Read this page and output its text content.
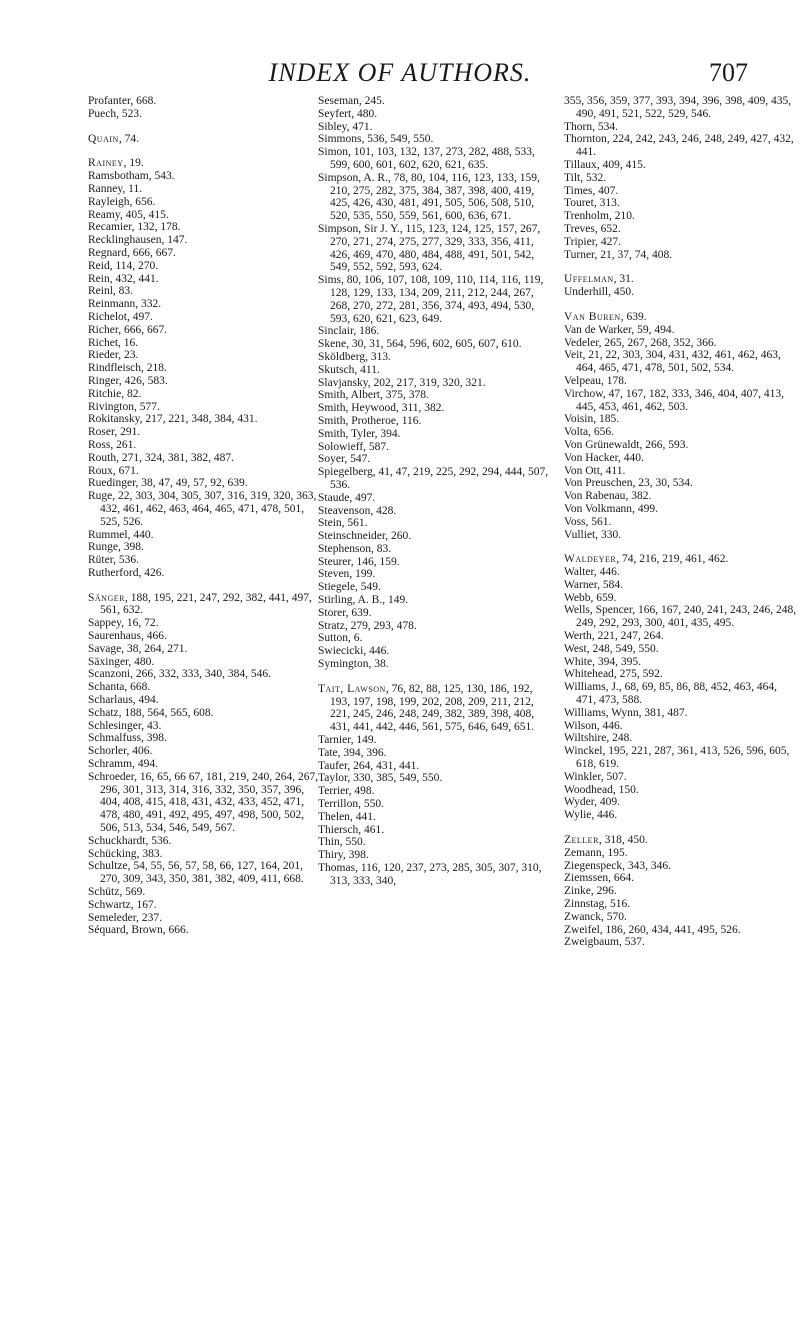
INDEX OF AUTHORS.	707
Profanter, 668.
Puech, 523.
Quain, 74.
Rainey, 19.
Ramsbotham, 543.
Ranney, 11.
Rayleigh, 656.
Reamy, 405, 415.
Recamier, 132, 178.
Recklinghausen, 147.
Regnard, 666, 667.
Reid, 114, 270.
Rein, 432, 441.
Reinl, 83.
Reinmann, 332.
Richelot, 497.
Richer, 666, 667.
Richet, 16.
Rieder, 23.
Rindfleisch, 218.
Ringer, 426, 583.
Ritchie, 82.
Rivington, 577.
Rokitansky, 217, 221, 348, 384, 431.
Roser, 291.
Ross, 261.
Routh, 271, 324, 381, 382, 487.
Roux, 671.
Ruedinger, 38, 47, 49, 57, 92, 639.
Ruge, 22, 303, 304, 305, 307, 316, 319, 320, 363, 432, 461, 462, 463, 464, 465, 471, 478, 501, 525, 526.
Rummel, 440.
Runge, 398.
Rüter, 536.
Rutherford, 426.
Sänger, 188, 195, 221, 247, 292, 382, 441, 497, 561, 632.
Sappey, 16, 72.
Saurenhaus, 466.
Savage, 38, 264, 271.
Säxinger, 480.
Scanzoni, 266, 332, 333, 340, 384, 546.
Schanta, 668.
Scharlaus, 494.
Schatz, 188, 564, 565, 608.
Schlesinger, 43.
Schmalfuss, 398.
Schorler, 406.
Schramm, 494.
Schroeder, 16, 65, 66 67, 181, 219, 240, 264, 267, 296, 301, 313, 314, 316, 332, 350, 357, 396, 404, 408, 415, 418, 431, 432, 433, 452, 471, 478, 480, 491, 492, 495, 497, 498, 500, 502, 506, 513, 534, 546, 549, 567.
Schuckhardt, 536.
Schücking, 383.
Schultze, 54, 55, 56, 57, 58, 66, 127, 164, 201, 270, 309, 343, 350, 381, 382, 409, 411, 668.
Schütz, 569.
Schwartz, 167.
Semeleder, 237.
Séquard, Brown, 666.
Seseman, 245.
Seyfert, 480.
Sibley, 471.
Simmons, 536, 549, 550.
Simon, 101, 103, 132, 137, 273, 282, 488, 533, 599, 600, 601, 602, 620, 621, 635.
Simpson, A. R., 78, 80, 104, 116, 123, 133, 159, 210, 275, 282, 375, 384, 387, 398, 400, 419, 425, 426, 430, 481, 491, 505, 506, 508, 510, 520, 535, 550, 559, 561, 600, 636, 671.
Simpson, Sir J. Y., 115, 123, 124, 125, 157, 267, 270, 271, 274, 275, 277, 329, 333, 356, 411, 426, 469, 470, 480, 484, 488, 491, 501, 542, 549, 552, 592, 593, 624.
Sims, 80, 106, 107, 108, 109, 110, 114, 116, 119, 128, 129, 133, 134, 209, 211, 212, 244, 267, 268, 270, 272, 281, 356, 374, 493, 494, 530, 593, 620, 621, 623, 649.
Sinclair, 186.
Skene, 30, 31, 564, 596, 602, 605, 607, 610.
Sköldberg, 313.
Skutsch, 411.
Slavjansky, 202, 217, 319, 320, 321.
Smith, Albert, 375, 378.
Smith, Heywood, 311, 382.
Smith, Protheroe, 116.
Smith, Tyler, 394.
Solowieff, 587.
Soyer, 547.
Spiegelberg, 41, 47, 219, 225, 292, 294, 444, 507, 536.
Staude, 497.
Steavenson, 428.
Stein, 561.
Steinschneider, 260.
Stephenson, 83.
Steurer, 146, 159.
Steven, 199.
Stiegele, 549.
Stirling, A. B., 149.
Storer, 639.
Stratz, 279, 293, 478.
Sutton, 6.
Swiecicki, 446.
Symington, 38.
Tait, Lawson, 76, 82, 88, 125, 130, 186, 192, 193, 197, 198, 199, 202, 208, 209, 211, 212, 221, 245, 246, 248, 249, 382, 389, 398, 408, 431, 441, 442, 446, 561, 575, 646, 649, 651.
Tarnier, 149.
Tate, 394, 396.
Taufer, 264, 431, 441.
Taylor, 330, 385, 549, 550.
Terrier, 498.
Terrillon, 550.
Thelen, 441.
Thiersch, 461.
Thin, 550.
Thiry, 398.
Thomas, 116, 120, 237, 273, 285, 305, 307, 310, 313, 333, 340,
355, 356, 359, 377, 393, 394, 396, 398, 409, 435, 490, 491, 521, 522, 529, 546.
Thorn, 534.
Thornton, 224, 242, 243, 246, 248, 249, 427, 432, 441.
Tillaux, 409, 415.
Tilt, 532.
Times, 407.
Touret, 313.
Trenholm, 210.
Treves, 652.
Tripier, 427.
Turner, 21, 37, 74, 408.
Uffelman, 31.
Underhill, 450.
Van Buren, 639.
Van de Warker, 59, 494.
Vedeler, 265, 267, 268, 352, 366.
Veit, 21, 22, 303, 304, 431, 432, 461, 462, 463, 464, 465, 471, 478, 501, 502, 534.
Velpeau, 178.
Virchow, 47, 167, 182, 333, 346, 404, 407, 413, 445, 453, 461, 462, 503.
Voisin, 185.
Volta, 656.
Von Grünewaldt, 266, 593.
Von Hacker, 440.
Von Ott, 411.
Von Preuschen, 23, 30, 534.
Von Rabenau, 382.
Von Volkmann, 499.
Voss, 561.
Vulliet, 330.
Waldeyer, 74, 216, 219, 461, 462.
Walter, 446.
Warner, 584.
Webb, 659.
Wells, Spencer, 166, 167, 240, 241, 243, 246, 248, 249, 292, 293, 300, 401, 435, 495.
Werth, 221, 247, 264.
West, 248, 549, 550.
White, 394, 395.
Whitehead, 275, 592.
Williams, J., 68, 69, 85, 86, 88, 452, 463, 464, 471, 473, 588.
Williams, Wynn, 381, 487.
Wilson, 446.
Wiltshire, 248.
Winckel, 195, 221, 287, 361, 413, 526, 596, 605, 618, 619.
Winkler, 507.
Woodhead, 150.
Wyder, 409.
Wylie, 446.
Zeller, 318, 450.
Zemann, 195.
Ziegenspeck, 343, 346.
Ziemssen, 664.
Zinke, 296.
Zinnstag, 516.
Zwanck, 570.
Zweifel, 186, 260, 434, 441, 495, 526.
Zweigbaum, 537.
